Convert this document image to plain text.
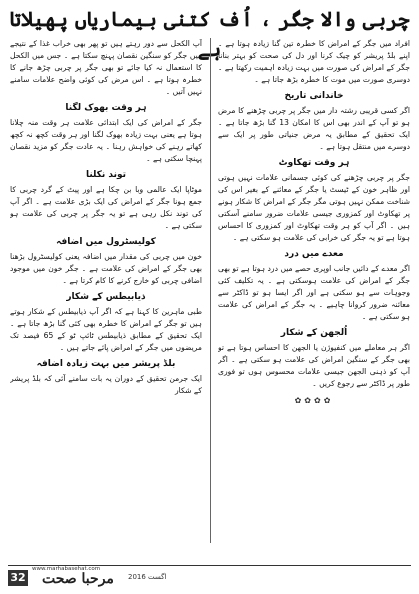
چربی والا جگر ، اُف کتنی بیماریاں پھیلاتا ہے

افراد میں جگر کے امراض کا خطرہ تین گنا زیادہ ہوتا ہے ۔ اپنے بلڈ پریشر کو چیک کرنا اور دل کی صحت کو بہتر بنانا جگر کے امراض کی صورت میں بہت زیادہ اہمیت رکھتا ہے ۔ دوسری صورت میں موت کا خطرہ بڑھ جاتا ہے ۔

خاندانی تاریخ

اگر کسی قریبی رشتہ دار میں جگر پر چربی چڑھنے کا مرض ہو تو آپ کے اندر بھی اس کا امکان 13 گنا بڑھ جاتا ہے ۔ ایک تحقیق کے مطابق یہ مرض جنیاتی طور پر ایک سے دوسرے میں منتقل ہوتا ہے ۔

ہر وقت تھکاوٹ

جگر پر چربی چڑھنے کی کوئی جسمانی علامات نہیں ہوتی اور ظاہر خون کے ٹیسٹ یا جگر کے معائنے کے بغیر اس کی شناخت ممکن نہیں ہوتی مگر جگر کے امراض کا شکار ہونے پر تھکاوٹ اور کمزوری جیسی علامات ضرور سامنے آسکتی ہیں ۔ اگر آپ کو ہر وقت تھکاوٹ اور کمزوری کا احساس ہوتا ہے تو یہ جگر کی خرابی کی علامت ہو سکتی ہے ۔

معدے میں درد

اگر معدے کے دائیں جانب اوپری حصے میں درد ہوتا ہے تو بھی جگر کے امراض کی علامت ہوسکتی ہے ۔ یہ تکلیف کئی وجوہات سے ہو سکتی ہے اور اگر ایسا ہو تو ڈاکٹر سے معائنہ ضرور کروانا چاہیے ۔ یہ جگر کے امراض کی علامت ہو سکتی ہے ۔

اُلجھن کے شکار

اگر ہر معاملے میں کنفیوژن یا الجھن کا احساس ہوتا ہے تو بھی جگر کے سنگین امراض کی علامت ہو سکتی ہے ۔ اگر آپ کو ذہنی الجھن جیسی علامات محسوس ہوں تو فوری طور پر ڈاکٹر سے رجوع کریں ۔

✿✿✿✿

آپ الکحل سے دور رہتے ہیں تو پھر بھی خراب غذا کے نتیجے میں جگر کو سنگین نقصان پہنچ سکتا ہے ۔ جس میں الکحل کا استعمال نہ کیا جائے تو بھی جگر پر چربی چڑھ جانے کا خطرہ ہوتا ہے ۔ اس مرض کی کوئی واضح علامات سامنے نہیں آتیں ۔

ہر وقت بھوک لگنا

جگر کے امراض کی ایک ابتدائی علامت ہر وقت منہ چلانا ہوتا ہے یعنی بہت زیادہ بھوک لگنا اور ہر وقت کچھ نہ کچھ کھاتے رہنے کی خواہش رہنا ۔ یہ عادت جگر کو مزید نقصان پہنچا سکتی ہے ۔

توند نکلنا

موٹاپا ایک عالمی وبا بن چکا ہے اور پیٹ کے گرد چربی کا جمع ہونا جگر کے امراض کی ایک بڑی علامت ہے ۔ اگر آپ کی توند نکل رہی ہے تو یہ جگر پر چربی کی علامت ہو سکتی ہے ۔

کولیسٹرول میں اضافہ

خون میں چربی کی مقدار میں اضافہ یعنی کولیسٹرول بڑھنا بھی جگر کے امراض کی علامت ہے ۔ جگر خون میں موجود اضافی چربی کو خارج کرنے کا کام کرتا ہے ۔

ذیابیطس کے شکار

طبی ماہرین کا کہنا ہے کہ اگر آپ ذیابیطس کے شکار ہوتے ہیں تو جگر کے امراض کا خطرہ بھی کئی گنا بڑھ جاتا ہے ۔ ایک تحقیق کے مطابق ذیابیطس ٹائپ ٹو کے 65 فیصد تک مریضوں میں جگر کے امراض پائے جاتے ہیں ۔

بلڈ پریشر میں بہت زیادہ اضافہ

ایک جرمن تحقیق کے دوران یہ بات سامنے آئی کہ بلڈ پریشر کے شکار

32
www.marhabasehat.com
مرحبا صحت اگست 2016
